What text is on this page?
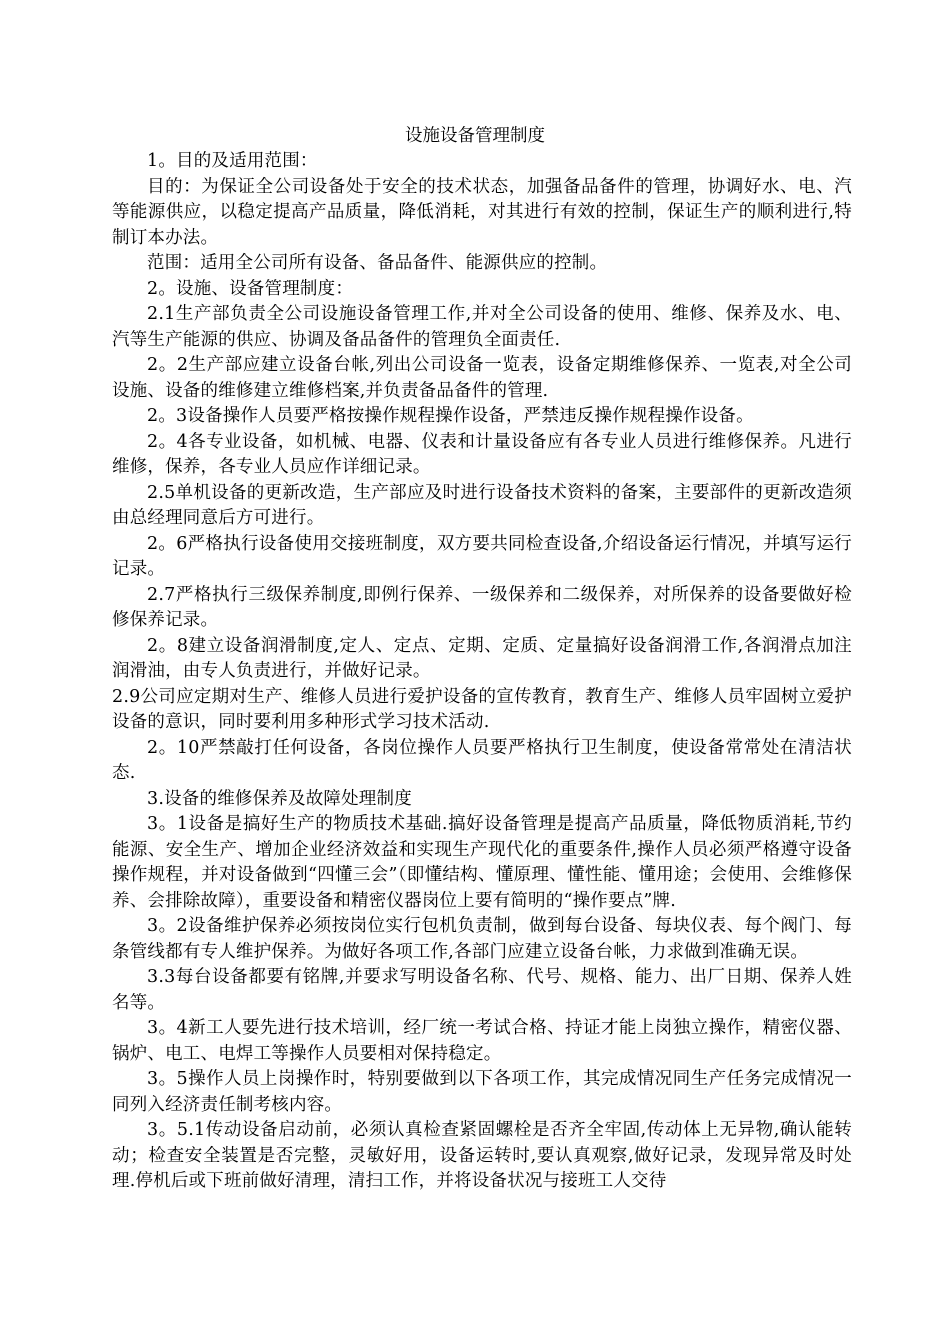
设施设备管理制度

1。目的及适用范围：

目的：为保证全公司设备处于安全的技术状态，加强备品备件的管理，协调好水、电、汽等能源供应，以稳定提高产品质量，降低消耗，对其进行有效的控制，保证生产的顺利进行,特制订本办法。

范围：适用全公司所有设备、备品备件、能源供应的控制。

2。设施、设备管理制度：

2.1生产部负责全公司设施设备管理工作,并对全公司设备的使用、维修、保养及水、电、汽等生产能源的供应、协调及备品备件的管理负全面责任.

2。2生产部应建立设备台帐,列出公司设备一览表，设备定期维修保养、一览表,对全公司设施、设备的维修建立维修档案,并负责备品备件的管理.

2。3设备操作人员要严格按操作规程操作设备，严禁违反操作规程操作设备。

2。4各专业设备，如机械、电器、仪表和计量设备应有各专业人员进行维修保养。凡进行维修，保养，各专业人员应作详细记录。

2.5单机设备的更新改造，生产部应及时进行设备技术资料的备案，主要部件的更新改造须由总经理同意后方可进行。

2。6严格执行设备使用交接班制度，双方要共同检查设备,介绍设备运行情况，并填写运行记录。

2.7严格执行三级保养制度,即例行保养、一级保养和二级保养，对所保养的设备要做好检修保养记录。

2。8建立设备润滑制度,定人、定点、定期、定质、定量搞好设备润滑工作,各润滑点加注润滑油，由专人负责进行，并做好记录。

2.9公司应定期对生产、维修人员进行爱护设备的宣传教育，教育生产、维修人员牢固树立爱护设备的意识，同时要利用多种形式学习技术活动.

2。10严禁敲打任何设备，各岗位操作人员要严格执行卫生制度，使设备常常处在清洁状态.

3.设备的维修保养及故障处理制度

3。1设备是搞好生产的物质技术基础.搞好设备管理是提高产品质量，降低物质消耗,节约能源、安全生产、增加企业经济效益和实现生产现代化的重要条件,操作人员必须严格遵守设备操作规程，并对设备做到“四懂三会”（即懂结构、懂原理、懂性能、懂用途；会使用、会维修保养、会排除故障），重要设备和精密仪器岗位上要有简明的“操作要点”牌.

3。2设备维护保养必须按岗位实行包机负责制，做到每台设备、每块仪表、每个阀门、每条管线都有专人维护保养。为做好各项工作,各部门应建立设备台帐，力求做到准确无误。

3.3每台设备都要有铭牌,并要求写明设备名称、代号、规格、能力、出厂日期、保养人姓名等。

3。4新工人要先进行技术培训，经厂统一考试合格、持证才能上岗独立操作，精密仪器、锅炉、电工、电焊工等操作人员要相对保持稳定。

3。5操作人员上岗操作时，特别要做到以下各项工作，其完成情况同生产任务完成情况一同列入经济责任制考核内容。

3。5.1传动设备启动前，必须认真检查紧固螺栓是否齐全牢固,传动体上无异物,确认能转动；检查安全装置是否完整，灵敏好用，设备运转时,要认真观察,做好记录，发现异常及时处理.停机后或下班前做好清理，清扫工作，并将设备状况与接班工人交待
